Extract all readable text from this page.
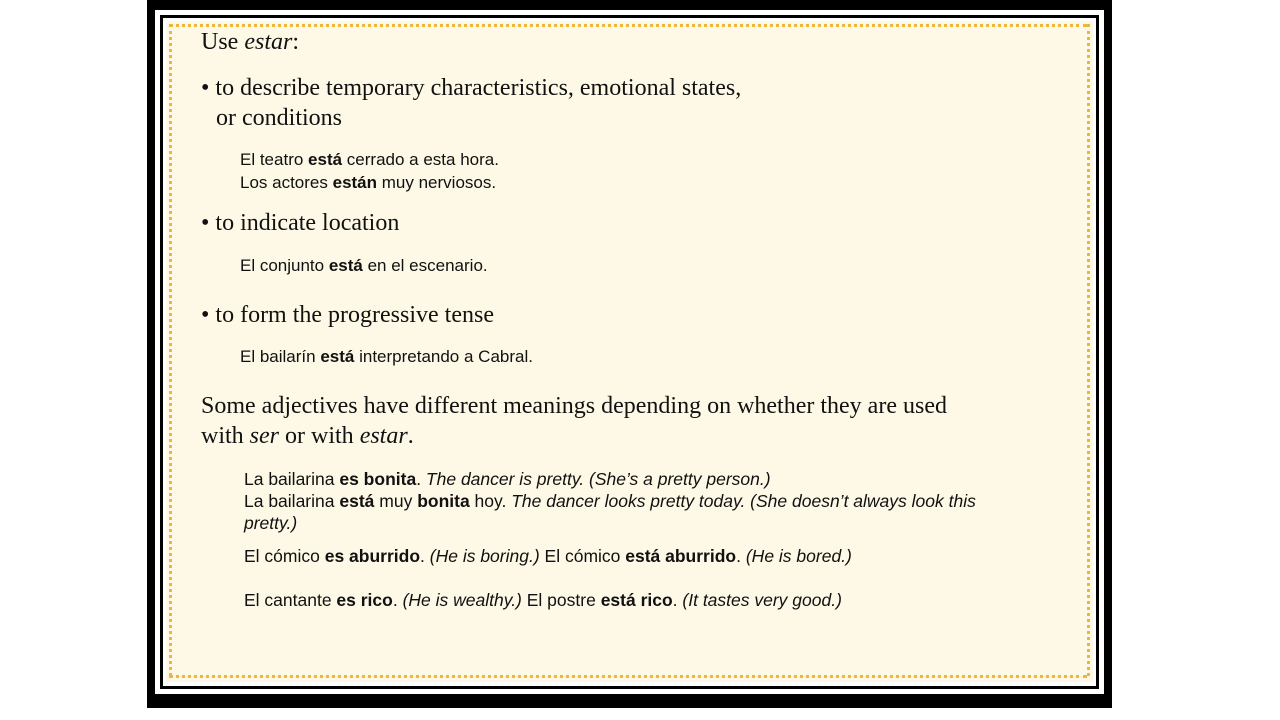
Use estar:
• to describe temporary characteristics, emotional states,
or conditions
El teatro está cerrado a esta hora.
Los actores están muy nerviosos.
• to indicate location
El conjunto está en el escenario.
• to form the progressive tense
El bailarín está interpretando a Cabral.
Some adjectives have different meanings depending on whether they are used
with ser or with estar.
La bailarina es bonita. The dancer is pretty. (She’s a pretty person.)
La bailarina está muy bonita hoy. The dancer looks pretty today. (She doesn’t always look this
pretty.)
El cómico es aburrido. (He is boring.) El cómico está aburrido. (He is bored.)
El cantante es rico. (He is wealthy.) El postre está rico. (It tastes very good.)
